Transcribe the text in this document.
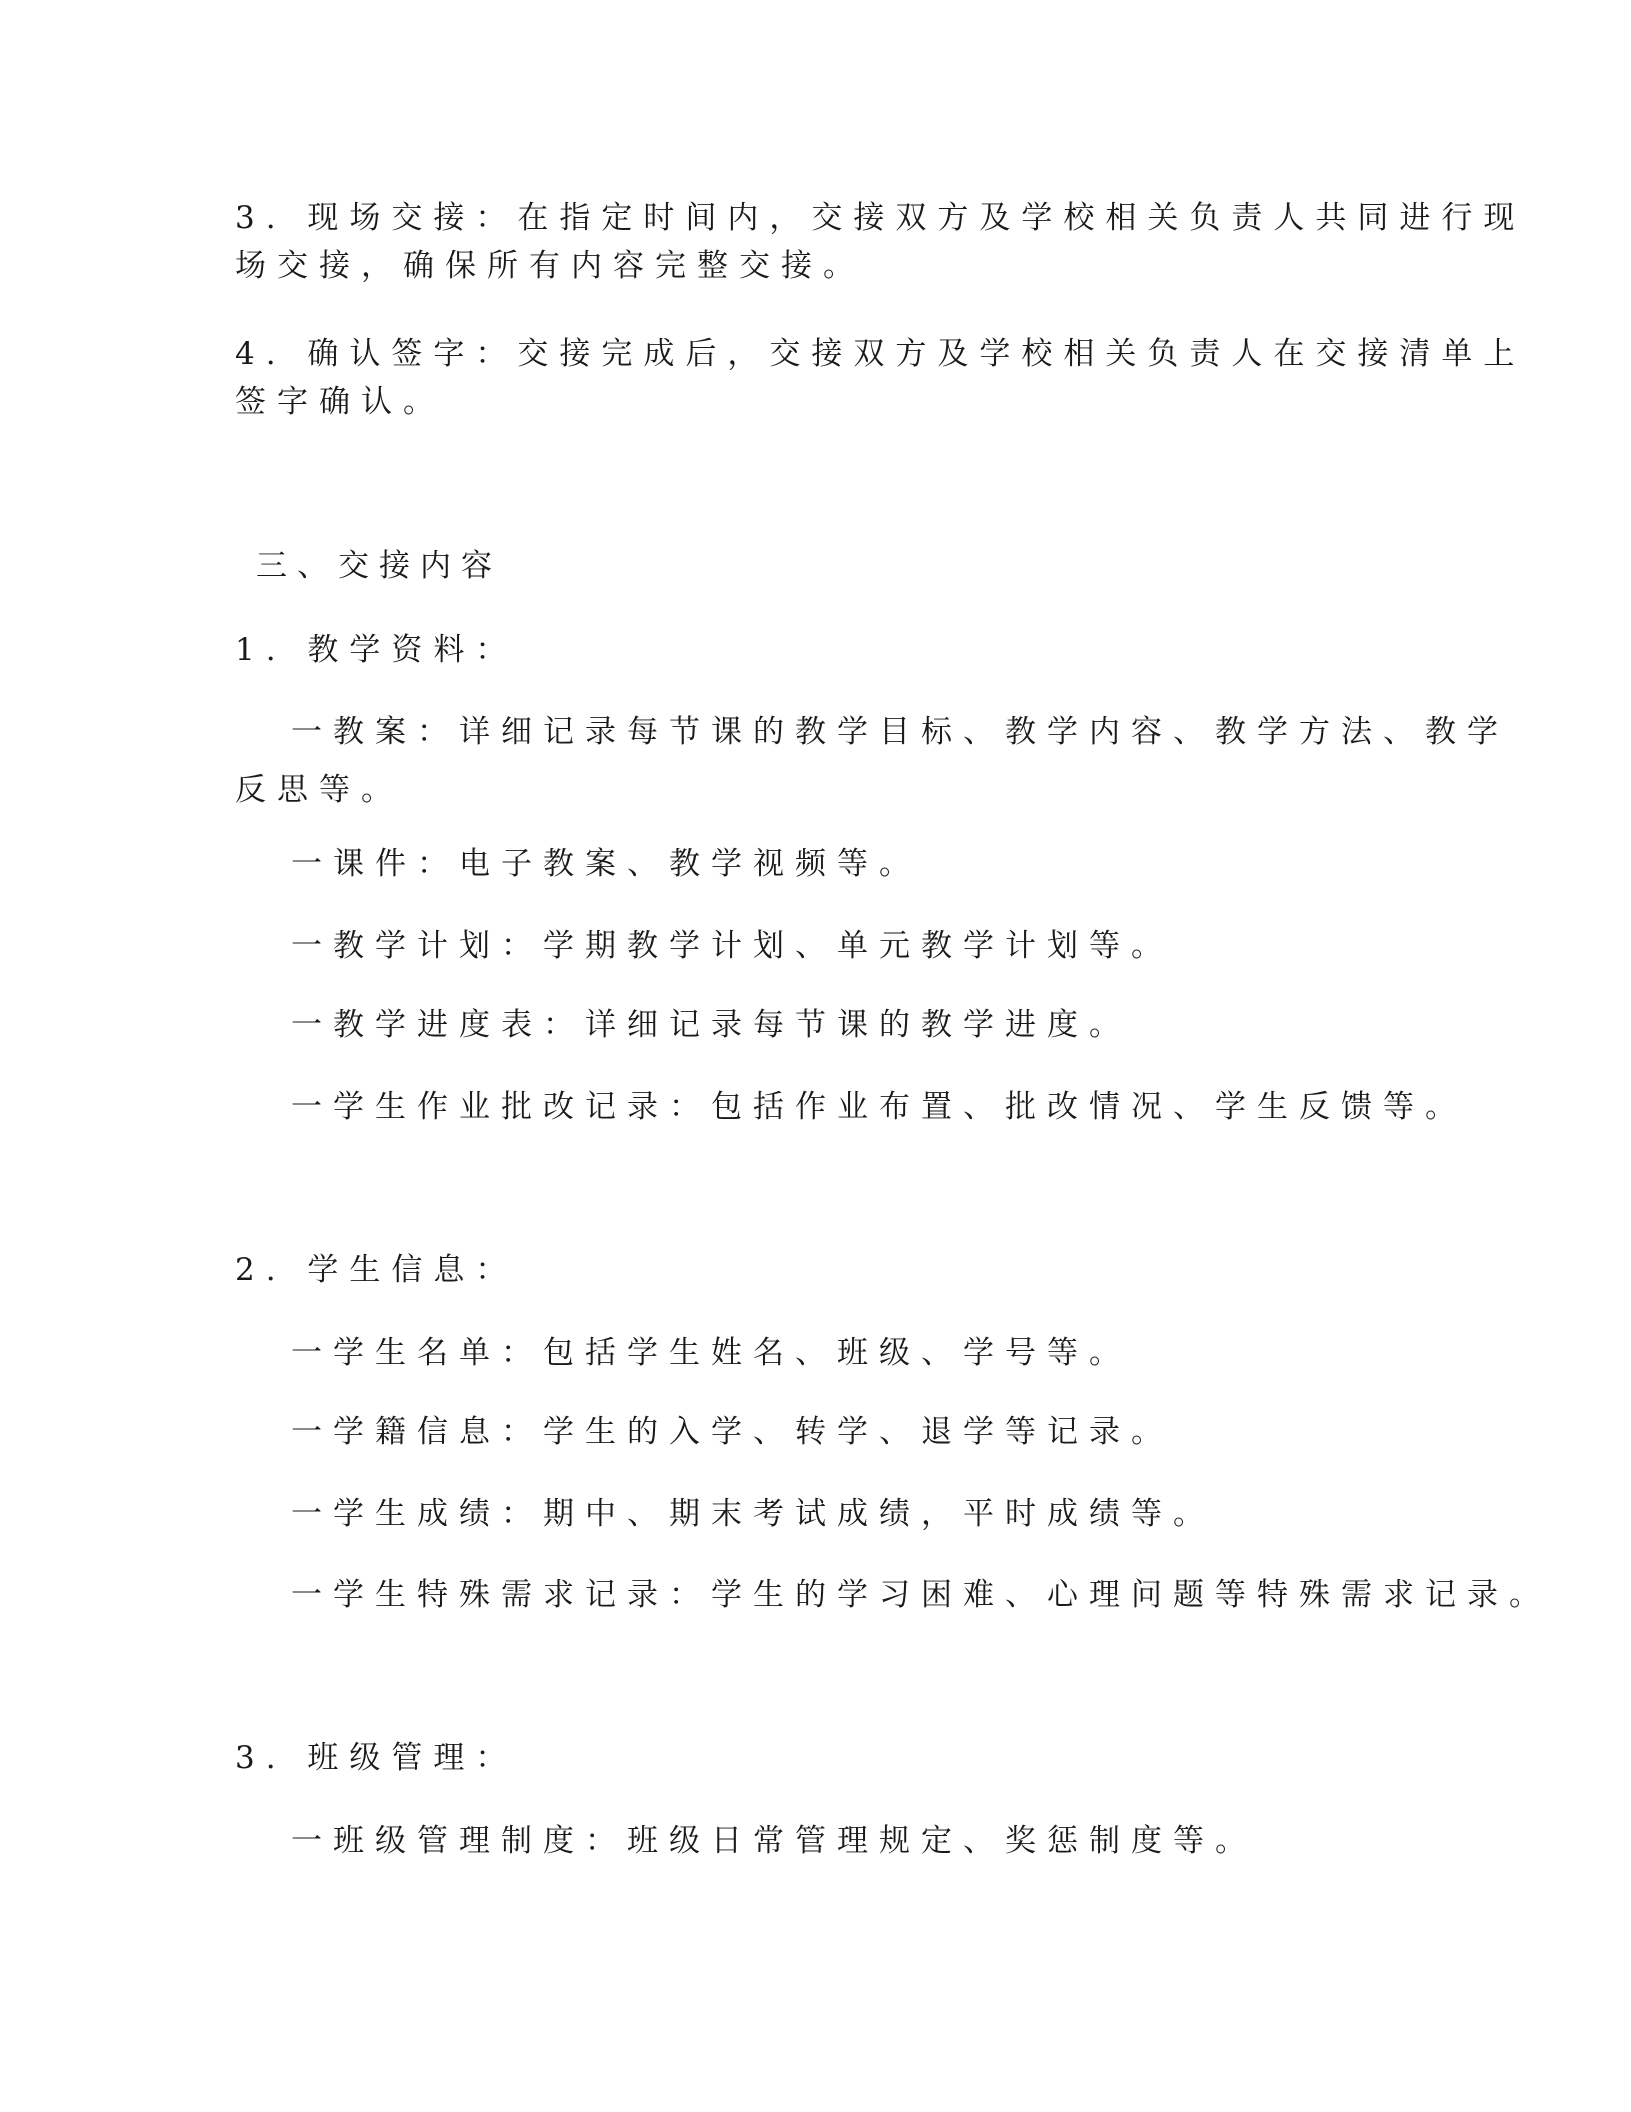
3. 现场交接：在指定时间内，交接双方及学校相关负责人共同进行现
场交接，确保所有内容完整交接。
4. 确认签字：交接完成后，交接双方及学校相关负责人在交接清单上
签字确认。
三、交接内容
1. 教学资料：
一教案：详细记录每节课的教学目标、教学内容、教学方法、教学
反思等。
一课件：电子教案、教学视频等。
一教学计划：学期教学计划、单元教学计划等。
一教学进度表：详细记录每节课的教学进度。
一学生作业批改记录：包括作业布置、批改情况、学生反馈等。
2. 学生信息：
一学生名单：包括学生姓名、班级、学号等。
一学籍信息：学生的入学、转学、退学等记录。
一学生成绩：期中、期末考试成绩，平时成绩等。
一学生特殊需求记录：学生的学习困难、心理问题等特殊需求记录。
3. 班级管理：
一班级管理制度：班级日常管理规定、奖惩制度等。
